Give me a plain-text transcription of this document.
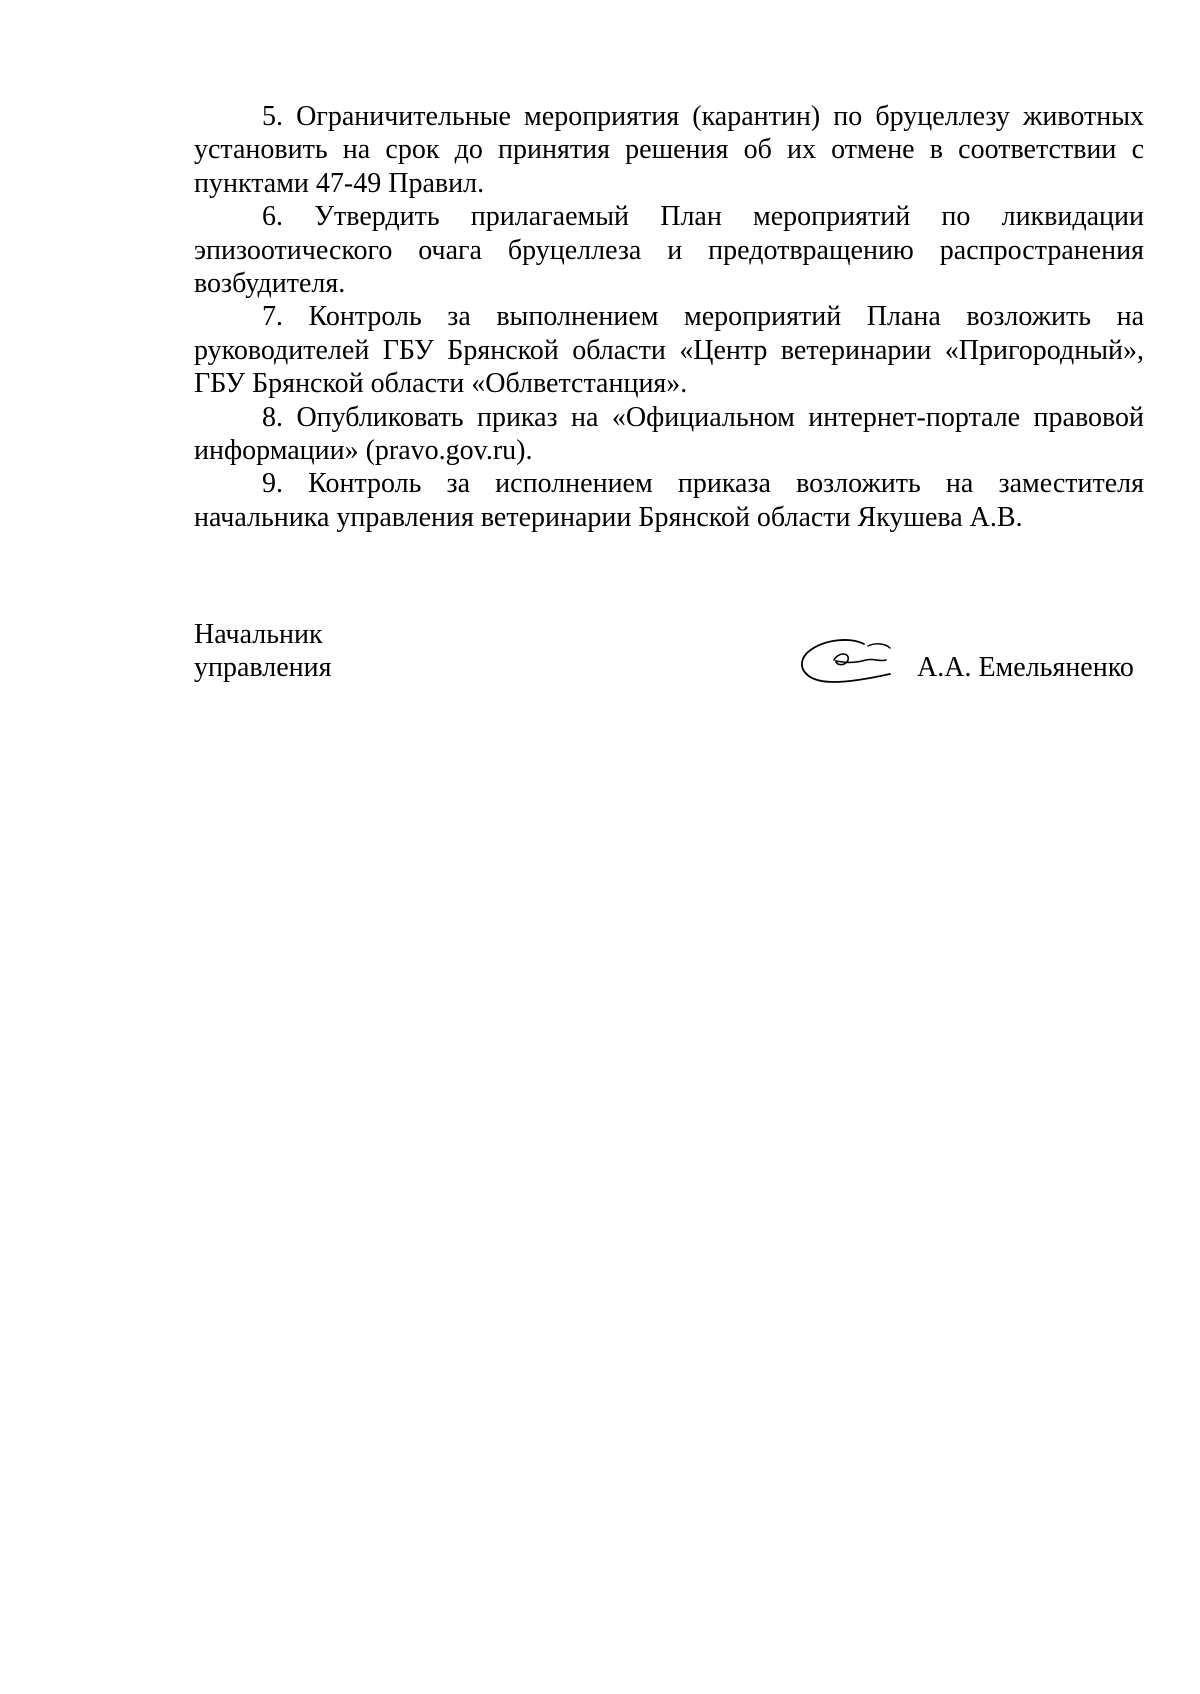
5. Ограничительные мероприятия (карантин) по бруцеллезу животных установить на срок до принятия решения об их отмене в соответствии с пунктами 47-49 Правил.

6. Утвердить прилагаемый План мероприятий по ликвидации эпизоотического очага бруцеллеза и предотвращению распространения возбудителя.

7. Контроль за выполнением мероприятий Плана возложить на руководителей ГБУ Брянской области «Центр ветеринарии «Пригородный», ГБУ Брянской области «Облветстанция».

8. Опубликовать приказ на «Официальном интернет-портале правовой информации» (pravo.gov.ru).

9. Контроль за исполнением приказа возложить на заместителя начальника управления ветеринарии Брянской области Якушева А.В.

Начальник
управления	А.А. Емельяненко
